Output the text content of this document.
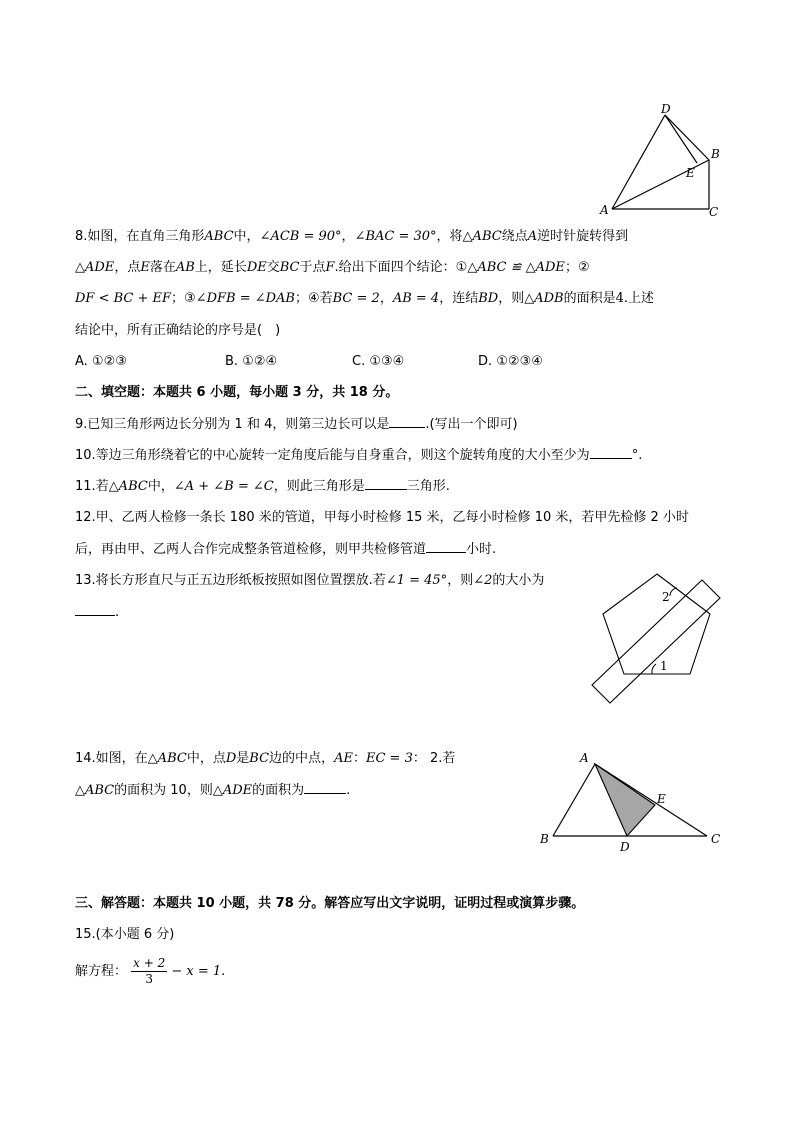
D
B
E
A	C
8.如图，在直角三角形ABC中，∠ACB = 90°，∠BAC = 30°，将△ABC绕点A逆时针旋转得到
△ADE，点E落在AB上，延长DE交BC于点F.给出下面四个结论：①△ABC ≌ △ADE；②
DF < BC + EF；③∠DFB = ∠DAB；④若BC = 2，AB = 4，连结BD，则△ADB的面积是4.上述
结论中，所有正确结论的序号是(　)
A. ①②③	B. ①②④	C. ①③④	D. ①②③④
二、填空题：本题共 6 小题，每小题 3 分，共 18 分。
9.已知三角形两边长分别为 1 和 4，则第三边长可以是	.(写出一个即可)
10.等边三角形绕着它的中心旋转一定角度后能与自身重合，则这个旋转角度的大小至少为	°.
11.若△ABC中，∠A + ∠B = ∠C，则此三角形是	三角形.
12.甲、乙两人检修一条长 180 米的管道，甲每小时检修 15 米，乙每小时检修 10 米，若甲先检修 2 小时
后，再由甲、乙两人合作完成整条管道检修，则甲共检修管道	小时.
13.将长方形直尺与正五边形纸板按照如图位置摆放.若∠1 = 45°，则∠2的大小为
.
1
2
14.如图，在△ABC中，点D是BC边的中点，AE：EC = 3： 2.若
△ABC的面积为 10，则△ADE的面积为	.
A
E
B
D
C
三、解答题：本题共 10 小题，共 78 分。解答应写出文字说明，证明过程或演算步骤。
15.(本小题 6 分)
解方程： $\frac{x + 2}{3} - x = 1$.
